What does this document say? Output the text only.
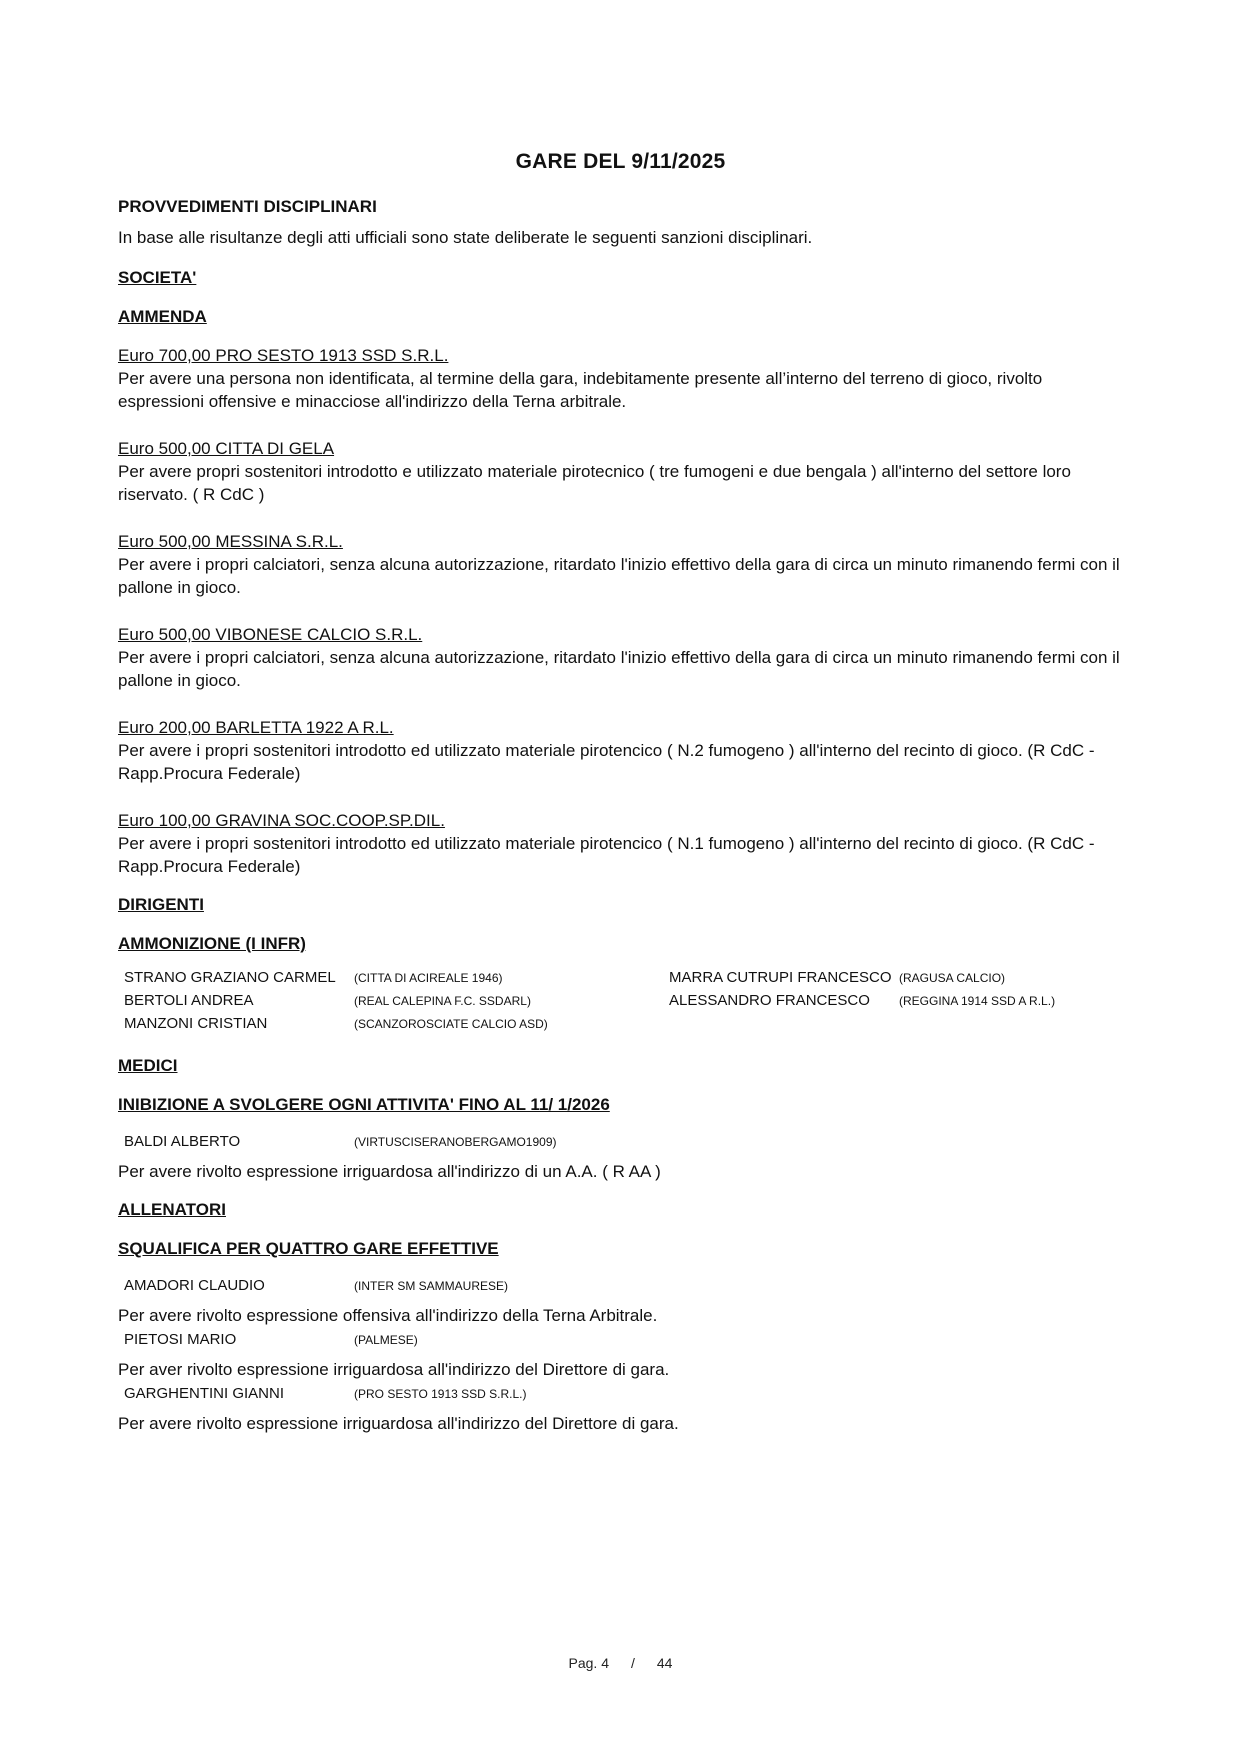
GARE DEL 9/11/2025

PROVVEDIMENTI DISCIPLINARI

In base alle risultanze degli atti ufficiali sono state deliberate le seguenti sanzioni disciplinari.

SOCIETA'

AMMENDA

Euro 700,00 PRO SESTO 1913 SSD S.R.L.

Per avere una persona non identificata, al termine della gara, indebitamente presente all’interno del terreno di gioco, rivolto espressioni offensive e minacciose all'indirizzo della Terna arbitrale.

Euro 500,00 CITTA DI GELA

Per avere propri sostenitori introdotto e utilizzato materiale pirotecnico ( tre fumogeni e due bengala ) all'interno del settore loro riservato. ( R CdC )

Euro 500,00 MESSINA S.R.L.

Per avere i propri calciatori, senza alcuna autorizzazione, ritardato l'inizio effettivo della gara di circa un minuto rimanendo fermi con il pallone in gioco.

Euro 500,00 VIBONESE CALCIO S.R.L.

Per avere i propri calciatori, senza alcuna autorizzazione, ritardato l'inizio effettivo della gara di circa un minuto rimanendo fermi con il pallone in gioco.

Euro 200,00 BARLETTA 1922 A R.L.

Per avere i propri sostenitori introdotto ed utilizzato materiale pirotencico ( N.2 fumogeno ) all'interno del recinto di gioco. (R CdC - Rapp.Procura Federale)

Euro 100,00 GRAVINA SOC.COOP.SP.DIL.

Per avere i propri sostenitori introdotto ed utilizzato materiale pirotencico ( N.1 fumogeno ) all'interno del recinto di gioco. (R CdC - Rapp.Procura Federale)

DIRIGENTI

AMMONIZIONE (I INFR)

STRANO GRAZIANO CARMEL (CITTA DI ACIREALE 1946)	MARRA CUTRUPI FRANCESCO (RAGUSA CALCIO)
BERTOLI ANDREA	(REAL CALEPINA F.C. SSDARL)	ALESSANDRO FRANCESCO (REGGINA 1914 SSD A R.L.)
MANZONI CRISTIAN	(SCANZOROSCIATE CALCIO ASD)

MEDICI

INIBIZIONE A SVOLGERE OGNI ATTIVITA' FINO AL 11/ 1/2026

BALDI ALBERTO	(VIRTUSCISERANOBERGAMO1909)

Per avere rivolto espressione irriguardosa all'indirizzo di un A.A. ( R AA )

ALLENATORI

SQUALIFICA PER QUATTRO GARE EFFETTIVE

AMADORI CLAUDIO	(INTER SM SAMMAURESE)

Per avere rivolto espressione offensiva all'indirizzo della Terna Arbitrale.

PIETOSI MARIO	(PALMESE)

Per aver rivolto espressione irriguardosa all'indirizzo del Direttore di gara.

GARGHENTINI GIANNI	(PRO SESTO 1913 SSD S.R.L.)

Per avere rivolto espressione irriguardosa all'indirizzo del Direttore di gara.

Pag. 4 / 44
